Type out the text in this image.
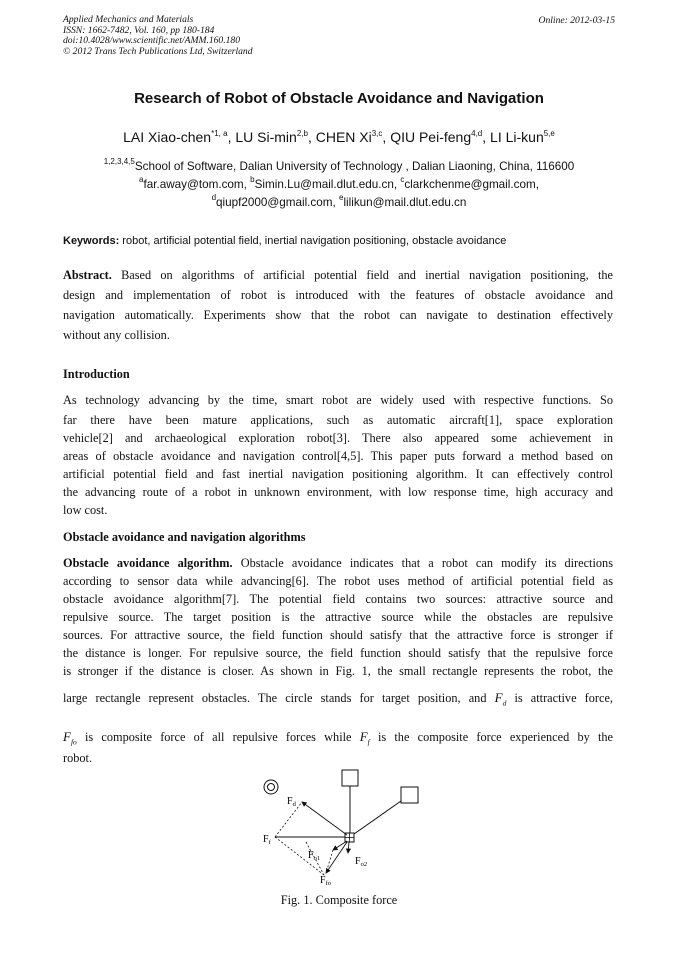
Applied Mechanics and Materials
ISSN: 1662-7482, Vol. 160, pp 180-184
doi:10.4028/www.scientific.net/AMM.160.180
© 2012 Trans Tech Publications Ltd, Switzerland
Online: 2012-03-15
Research of Robot of Obstacle Avoidance and Navigation
LAI Xiao-chen$^{*1, a}$, LU $Si-\min^{2,b}$, CHEN Xi$^{3,c}$, QIU Pei-feng$^{4,d}$, LI Li-kun$^{5,e}$
$^{1,2,3,4,5}$School of Software, Dalian University of Technology , Dalian Liaoning, China, 116600
$^a$far.away@tom.com, $^b$Simin.Lu@mail.dlut.edu.cn, $^c$clarkchenme@gmail.com,
$^d$qiupf2000@gmail.com, $^e$lilikun@mail.dlut.edu.cn
Keywords: robot, artificial potential field, inertial navigation positioning, obstacle avoidance
Abstract. Based on algorithms of artificial potential field and inertial navigation positioning, the
design and implementation of robot is introduced with the features of obstacle avoidance and
navigation automatically. Experiments show that the robot can navigate to destination effectively
without any collision.
Introduction
As technology advancing by the time, smart robot are widely used with respective functions. So
far there have been mature applications, such as automatic aircraft[1], space exploration
vehicle[2] and archaeological exploration robot[3]. There also appeared some achievement in
areas of obstacle avoidance and navigation control[4,5]. This paper puts forward a method based on
artificial potential field and fast inertial navigation positioning algorithm. It can effectively control
the advancing route of a robot in unknown environment, with low response time, high accuracy and
low cost.
Obstacle avoidance and navigation algorithms
Obstacle avoidance algorithm. Obstacle avoidance indicates that a robot can modify its directions
according to sensor data while advancing[6]. The robot uses method of artificial potential field as
obstacle avoidance algorithm[7]. The potential field contains two sources: attractive source and
repulsive source. The target position is the attractive source while the obstacles are repulsive
sources. For attractive source, the field function should satisfy that the attractive force is stronger if
the distance is longer. For repulsive source, the field function should satisfy that the repulsive force
is stronger if the distance is closer. As shown in Fig. 1, the small rectangle represents the robot, the
large rectangle represent obstacles. The circle stands for target position, and $F_d$ is attractive force,
$F_{fo}$ is composite force of all repulsive forces while $F_f$ is the composite force experienced by the
robot.
$F_d$
$F_f$
$F_{o1}$	$F_{o2}$
$F_{fo}$
Fig. 1. Composite force
